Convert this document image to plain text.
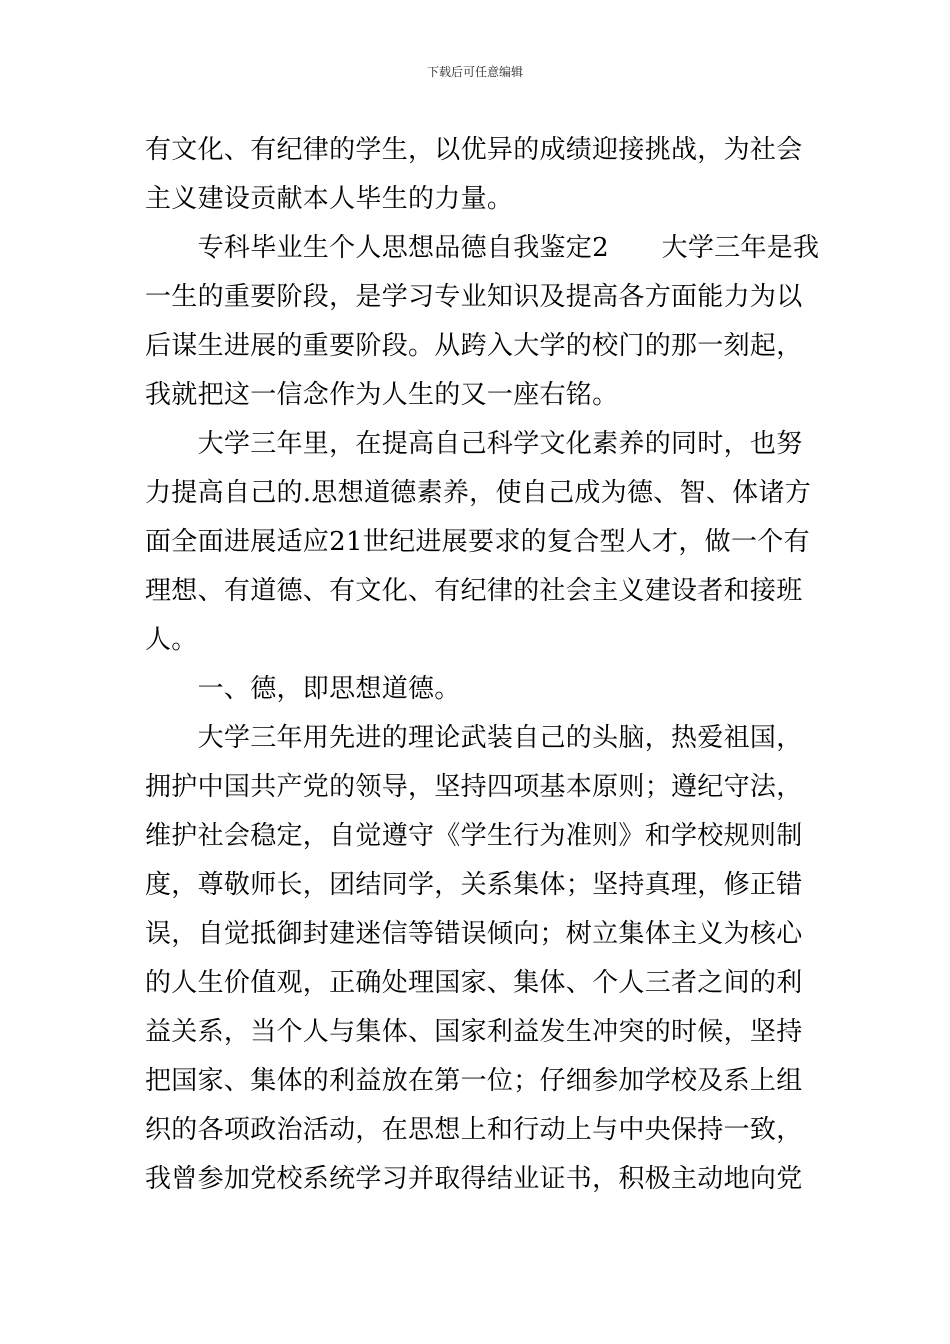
下载后可任意编辑
有文化、有纪律的学生，以优异的成绩迎接挑战，为社会
主义建设贡献本人毕生的力量。
　　专科毕业生个人思想品德自我鉴定2　　大学三年是我
一生的重要阶段，是学习专业知识及提高各方面能力为以
后谋生进展的重要阶段。从跨入大学的校门的那一刻起，
我就把这一信念作为人生的又一座右铭。
　　大学三年里，在提高自己科学文化素养的同时，也努
力提高自己的.思想道德素养，使自己成为德、智、体诸方
面全面进展适应21世纪进展要求的复合型人才，做一个有
理想、有道德、有文化、有纪律的社会主义建设者和接班
人。
　　一、德，即思想道德。
　　大学三年用先进的理论武装自己的头脑，热爱祖国，
拥护中国共产党的领导，坚持四项基本原则；遵纪守法，
维护社会稳定，自觉遵守《学生行为准则》和学校规则制
度，尊敬师长，团结同学，关系集体；坚持真理，修正错
误，自觉抵御封建迷信等错误倾向；树立集体主义为核心
的人生价值观，正确处理国家、集体、个人三者之间的利
益关系，当个人与集体、国家利益发生冲突的时候，坚持
把国家、集体的利益放在第一位；仔细参加学校及系上组
织的各项政治活动，在思想上和行动上与中央保持一致，
我曾参加党校系统学习并取得结业证书，积极主动地向党
